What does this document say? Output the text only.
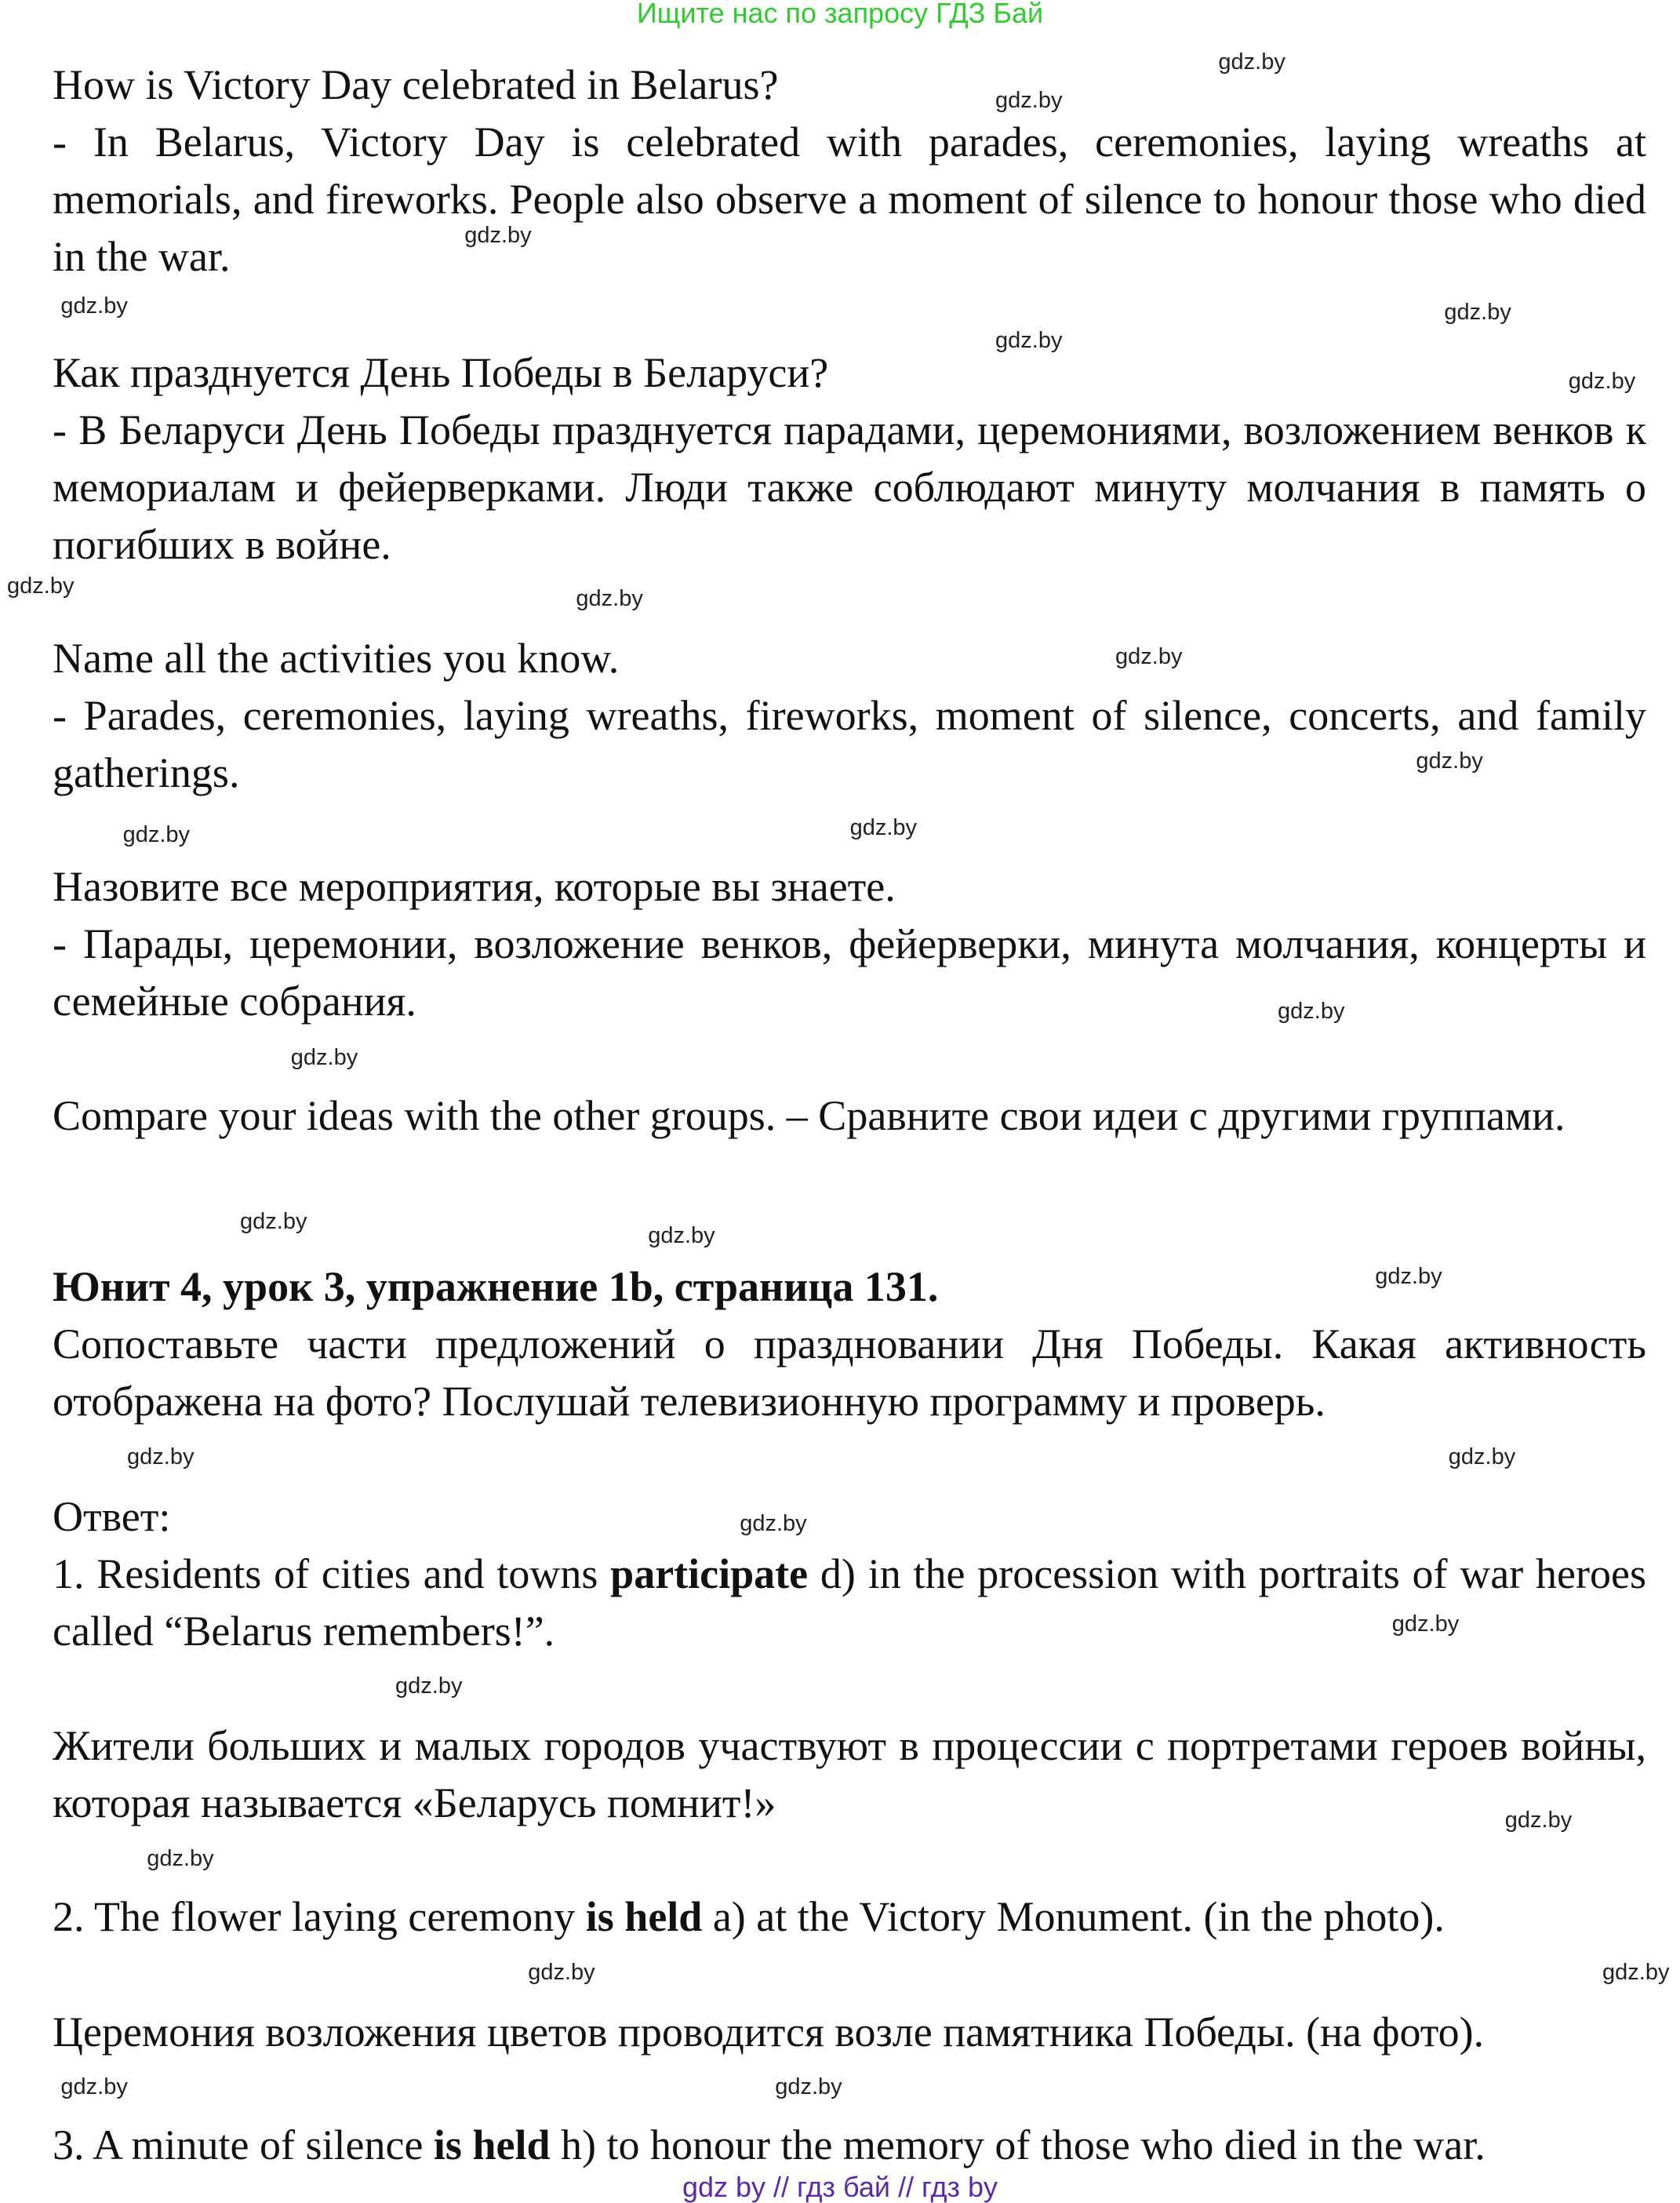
Ищите нас по запросу ГДЗ Бай
How is Victory Day celebrated in Belarus?
- In Belarus, Victory Day is celebrated with parades, ceremonies, laying wreaths at memorials, and fireworks. People also observe a moment of silence to honour those who died in the war.
Как празднуется День Победы в Беларуси?
- В Беларуси День Победы празднуется парадами, церемониями, возложением венков к мемориалам и фейерверками. Люди также соблюдают минуту молчания в память о погибших в войне.
Name all the activities you know.
- Parades, ceremonies, laying wreaths, fireworks, moment of silence, concerts, and family gatherings.
Назовите все мероприятия, которые вы знаете.
- Парады, церемонии, возложение венков, фейерверки, минута молчания, концерты и семейные собрания.
Compare your ideas with the other groups. – Сравните свои идеи с другими группами.
Юнит 4, урок 3, упражнение 1b, страница 131.
Сопоставьте части предложений о праздновании Дня Победы. Какая активность отображена на фото? Послушай телевизионную программу и проверь.
Ответ:
1. Residents of cities and towns participate d) in the procession with portraits of war heroes called “Belarus remembers!”.
Жители больших и малых городов участвуют в процессии с портретами героев войны, которая называется «Беларусь помнит!»
2. The flower laying ceremony is held a) at the Victory Monument. (in the photo).
Церемония возложения цветов проводится возле памятника Победы. (на фото).
3. A minute of silence is held h) to honour the memory of those who died in the war.
gdz.by
gdz.by
gdz.by
gdz.by
gdz.by
gdz.by
gdz.by
gdz.by
gdz.by
gdz.by
gdz.by
gdz.by
gdz.by
gdz.by
gdz.by
gdz.by
gdz.by
gdz.by
gdz.by
gdz.by
gdz.by
gdz.by
gdz.by
gdz.by
gdz.by
gdz.by	gdz.by
gdz.by	gdz.by
gdz by // гдз бай // гдз by
